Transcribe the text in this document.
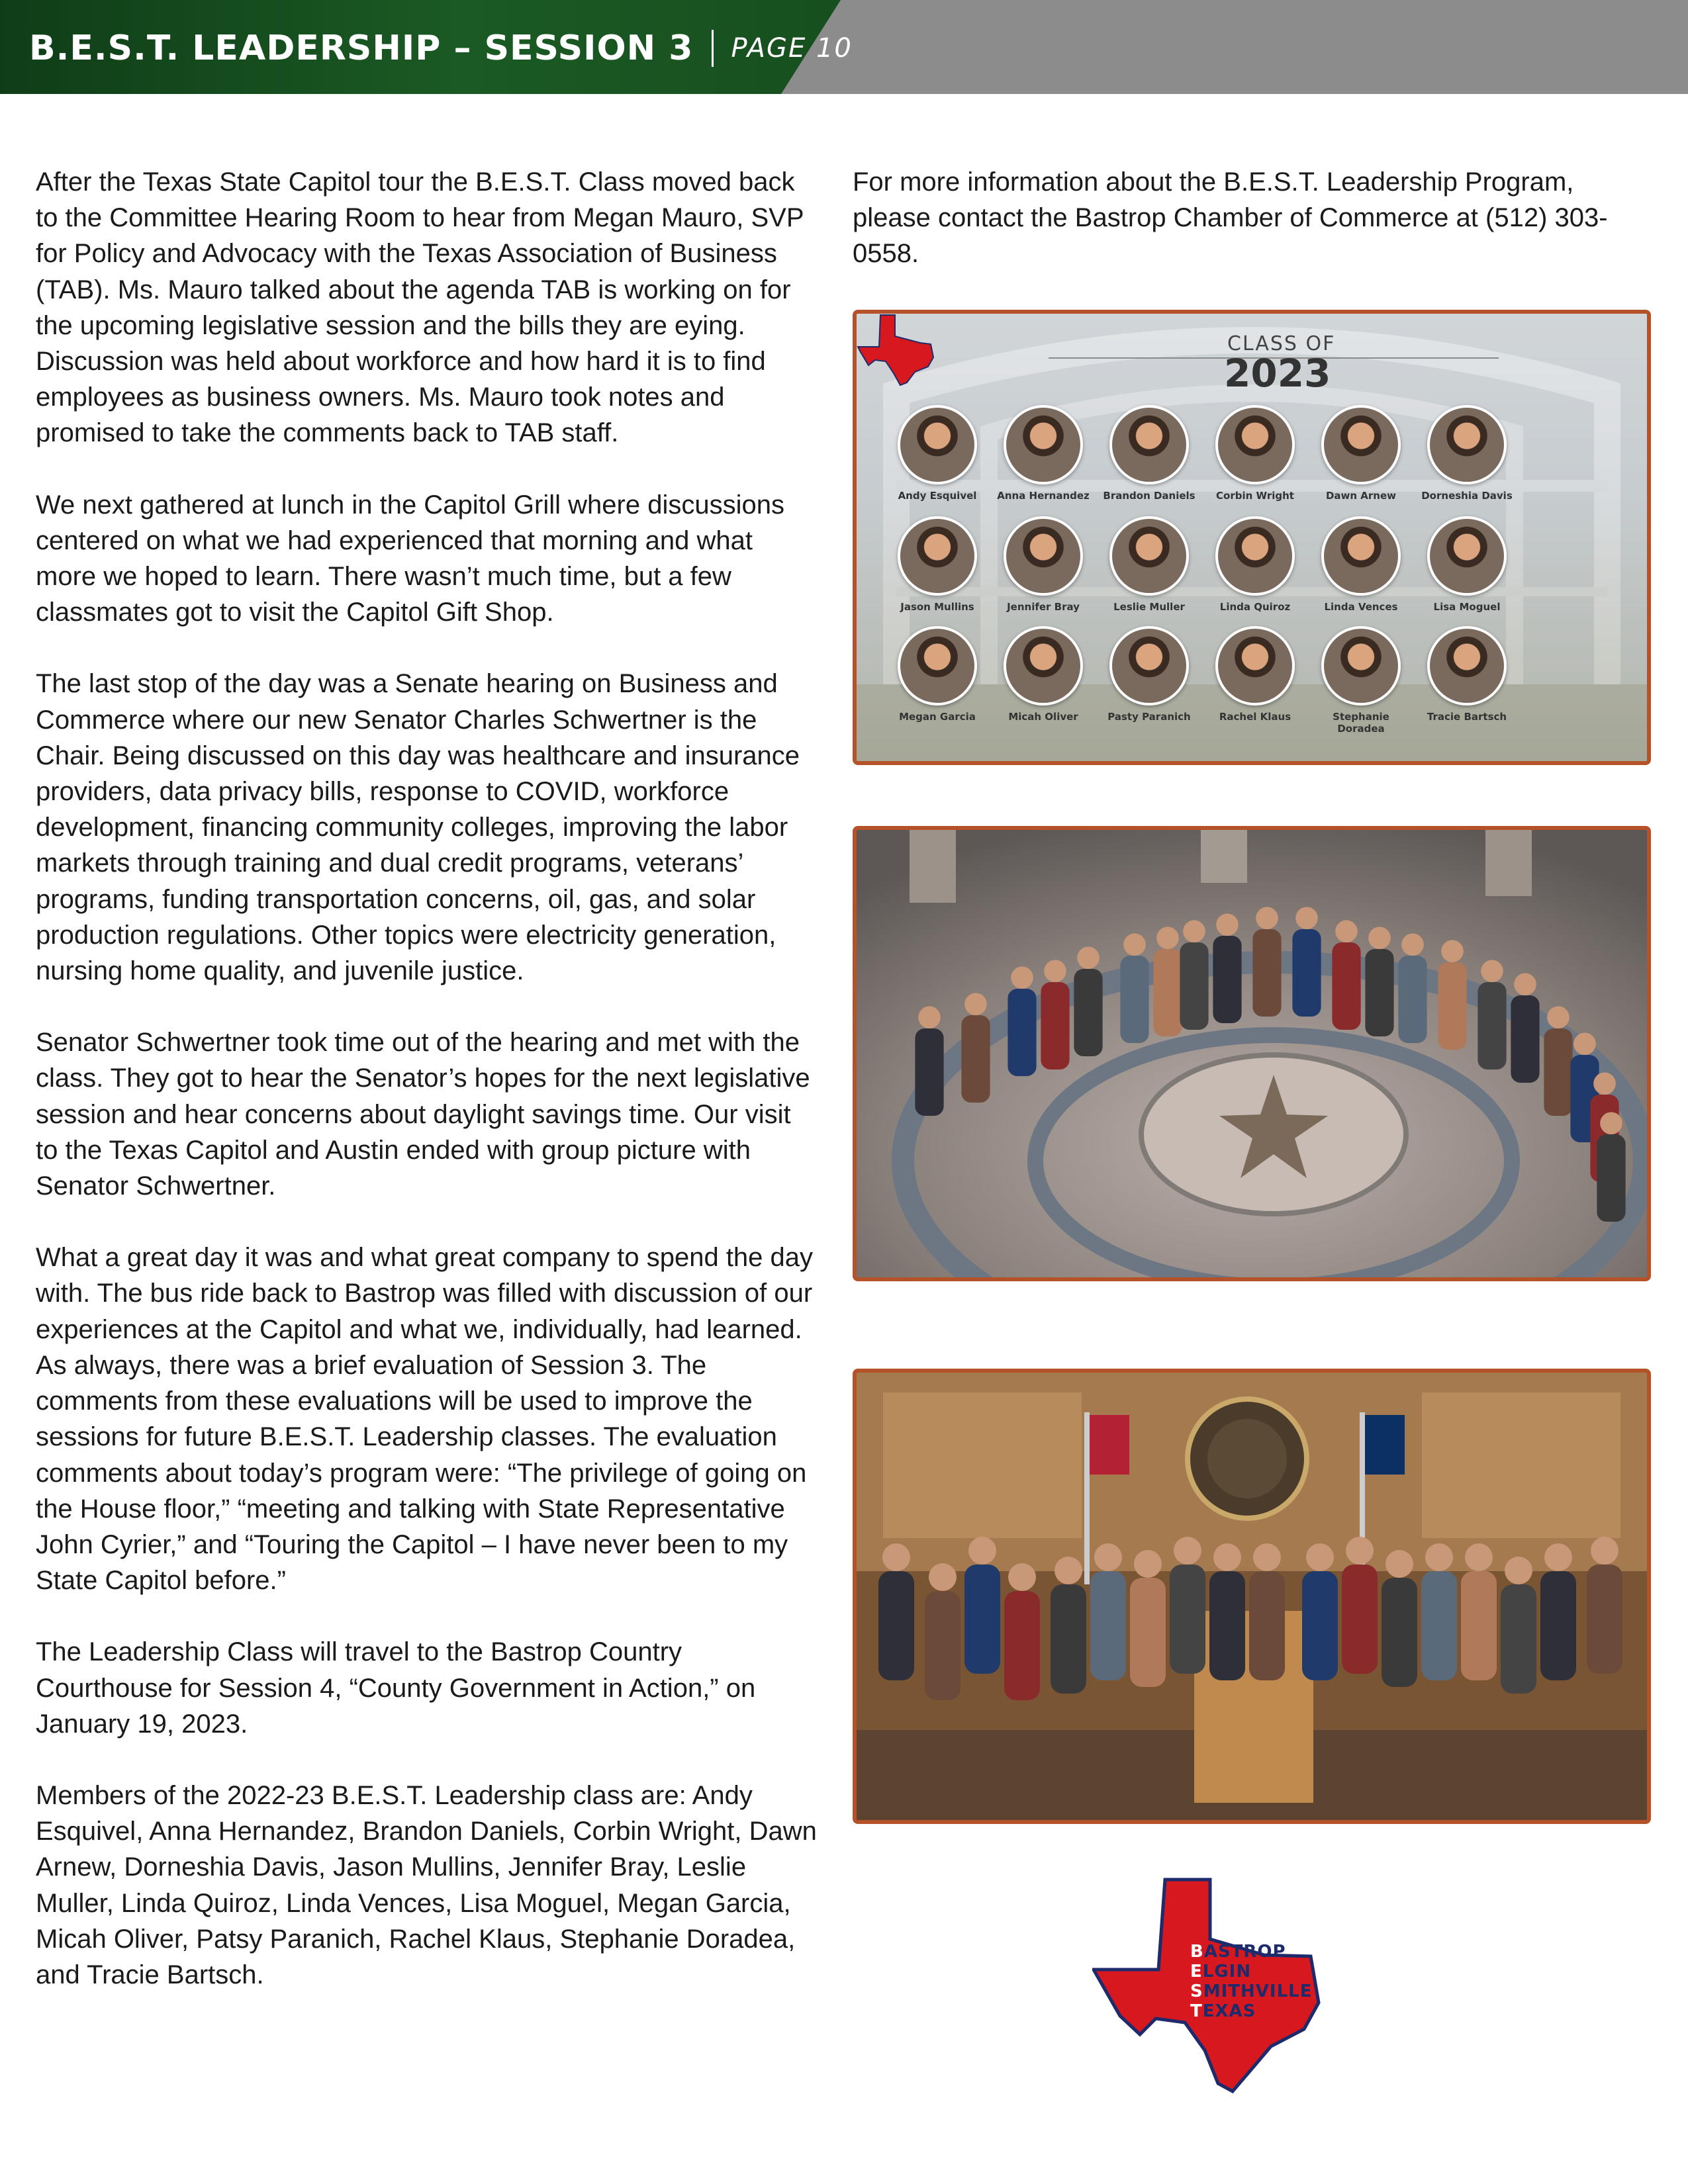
B.E.S.T. LEADERSHIP – SESSION 3 PAGE 10

After the Texas State Capitol tour the B.E.S.T. Class moved back to the Committee Hearing Room to hear from Megan Mauro, SVP for Policy and Advocacy with the Texas Association of Business (TAB). Ms. Mauro talked about the agenda TAB is working on for the upcoming legislative session and the bills they are eying. Discussion was held about workforce and how hard it is to find employees as business owners. Ms. Mauro took notes and promised to take the comments back to TAB staff.

We next gathered at lunch in the Capitol Grill where discussions centered on what we had experienced that morning and what more we hoped to learn. There wasn’t much time, but a few classmates got to visit the Capitol Gift Shop.

The last stop of the day was a Senate hearing on Business and Commerce where our new Senator Charles Schwertner is the Chair. Being discussed on this day was healthcare and insurance providers, data privacy bills, response to COVID, workforce development, financing community colleges, improving the labor markets through training and dual credit programs, veterans’ programs, funding transportation concerns, oil, gas, and solar production regulations. Other topics were electricity generation, nursing home quality, and juvenile justice.

Senator Schwertner took time out of the hearing and met with the class. They got to hear the Senator’s hopes for the next legislative session and hear concerns about daylight savings time. Our visit to the Texas Capitol and Austin ended with group picture with Senator Schwertner.

What a great day it was and what great company to spend the day with. The bus ride back to Bastrop was filled with discussion of our experiences at the Capitol and what we, individually, had learned. As always, there was a brief evaluation of Session 3. The comments from these evaluations will be used to improve the sessions for future B.E.S.T. Leadership classes. The evaluation comments about today’s program were: “The privilege of going on the House floor,” “meeting and talking with State Representative John Cyrier,” and “Touring the Capitol – I have never been to my State Capitol before.”

The Leadership Class will travel to the Bastrop Country Courthouse for Session 4, “County Government in Action,” on January 19, 2023.

Members of the 2022-23 B.E.S.T. Leadership class are: Andy Esquivel, Anna Hernandez, Brandon Daniels, Corbin Wright, Dawn Arnew, Dorneshia Davis, Jason Mullins, Jennifer Bray, Leslie Muller, Linda Quiroz, Linda Vences, Lisa Moguel, Megan Garcia, Micah Oliver, Patsy Paranich, Rachel Klaus, Stephanie Doradea, and Tracie Bartsch.

For more information about the B.E.S.T. Leadership Program, please contact the Bastrop Chamber of Commerce at (512) 303-0558.

CLASS OF
2023
Andy Esquivel	Anna Hernandez	Brandon Daniels	Corbin Wright	Dawn Arnew	Dorneshia Davis
Jason Mullins	Jennifer Bray	Leslie Muller	Linda Quiroz	Linda Vences	Lisa Moguel
Megan Garcia	Micah Oliver	Pasty Paranich	Rachel Klaus	Stephanie Doradea
Tracie Bartsch
BASTROP
ELGIN
SMITHVILLE
TEXAS
